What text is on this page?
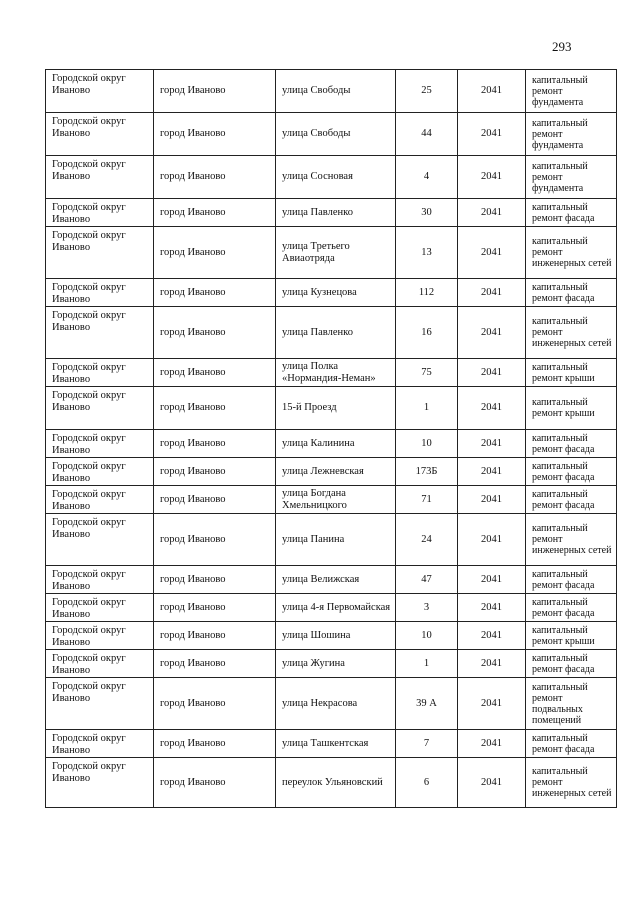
293
Городской округ Иваново	город Иваново	улица Свободы	25	2041	капитальный ремонт фундамента
Городской округ Иваново	город Иваново	улица Свободы	44	2041	капитальный ремонт фундамента
Городской округ Иваново	город Иваново	улица Сосновая	4	2041	капитальный ремонт фундамента
Городской округ Иваново	город Иваново	улица Павленко	30	2041	капитальный ремонт фасада
Городской округ Иваново	город Иваново	улица Третьего Авиаотряда	13	2041	капитальный ремонт инженерных сетей
Городской округ Иваново	город Иваново	улица Кузнецова	112	2041	капитальный ремонт фасада
Городской округ Иваново	город Иваново	улица Павленко	16	2041	капитальный ремонт инженерных сетей
Городской округ Иваново	город Иваново	улица Полка «Нормандия-Неман»	75	2041	капитальный ремонт крыши
Городской округ Иваново	город Иваново	15-й Проезд	1	2041	капитальный ремонт крыши
Городской округ Иваново	город Иваново	улица Калинина	10	2041	капитальный ремонт фасада
Городской округ Иваново	город Иваново	улица Лежневская	173Б	2041	капитальный ремонт фасада
Городской округ Иваново	город Иваново	улица Богдана Хмельницкого	71	2041	капитальный ремонт фасада
Городской округ Иваново	город Иваново	улица Панина	24	2041	капитальный ремонт инженерных сетей
Городской округ Иваново	город Иваново	улица Велижская	47	2041	капитальный ремонт фасада
Городской округ Иваново	город Иваново	улица 4-я Первомайская	3	2041	капитальный ремонт фасада
Городской округ Иваново	город Иваново	улица Шошина	10	2041	капитальный ремонт крыши
Городской округ Иваново	город Иваново	улица Жугина	1	2041	капитальный ремонт фасада
Городской округ Иваново	город Иваново	улица Некрасова	39 А	2041	капитальный ремонт подвальных помещений
Городской округ Иваново	город Иваново	улица Ташкентская	7	2041	капитальный ремонт фасада
Городской округ Иваново	город Иваново	переулок Ульяновский	6	2041	капитальный ремонт инженерных сетей
